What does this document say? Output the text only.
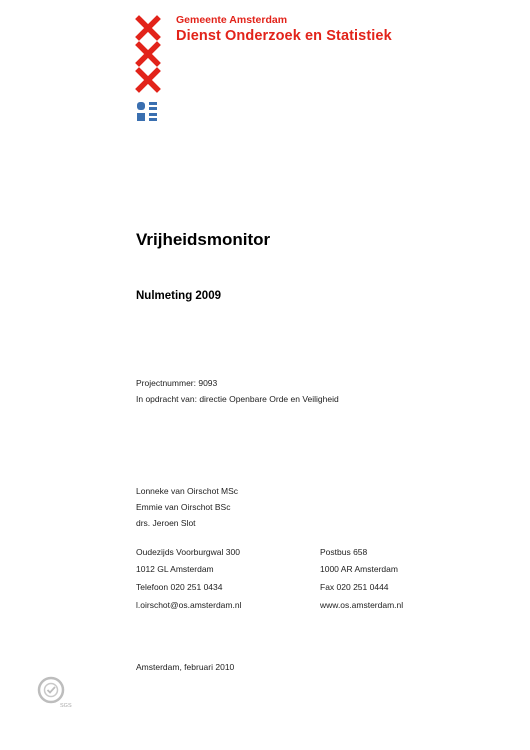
Gemeente Amsterdam
Dienst Onderzoek en Statistiek
Vrijheidsmonitor
Nulmeting 2009
Projectnummer: 9093
In opdracht van: directie Openbare Orde en Veiligheid
Lonneke van Oirschot MSc
Emmie van Oirschot BSc
drs. Jeroen Slot
Oudezijds Voorburgwal 300
1012 GL Amsterdam
Telefoon 020 251 0434
l.oirschot@os.amsterdam.nl
Postbus 658
1000 AR Amsterdam
Fax 020 251 0444
www.os.amsterdam.nl
Amsterdam, februari 2010
SGS
